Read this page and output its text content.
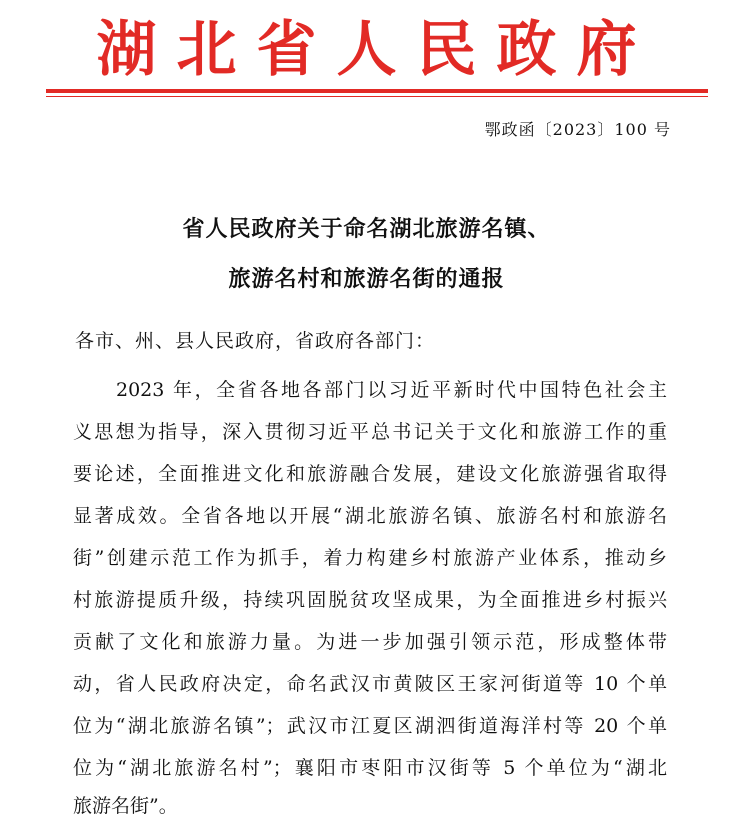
湖北省人民政府
鄂政函〔2023〕100 号
省人民政府关于命名湖北旅游名镇、
旅游名村和旅游名街的通报
各市、州、县人民政府，省政府各部门：
2023 年，全省各地各部门以习近平新时代中国特色社会主
义思想为指导，深入贯彻习近平总书记关于文化和旅游工作的重
要论述，全面推进文化和旅游融合发展，建设文化旅游强省取得
显著成效。全省各地以开展“湖北旅游名镇、旅游名村和旅游名
街”创建示范工作为抓手，着力构建乡村旅游产业体系，推动乡
村旅游提质升级，持续巩固脱贫攻坚成果，为全面推进乡村振兴
贡献了文化和旅游力量。为进一步加强引领示范，形成整体带
动，省人民政府决定，命名武汉市黄陂区王家河街道等 10 个单
位为“湖北旅游名镇”；武汉市江夏区湖泗街道海洋村等 20 个单
位为“湖北旅游名村”；襄阳市枣阳市汉街等 5 个单位为“湖北
旅游名街”。
